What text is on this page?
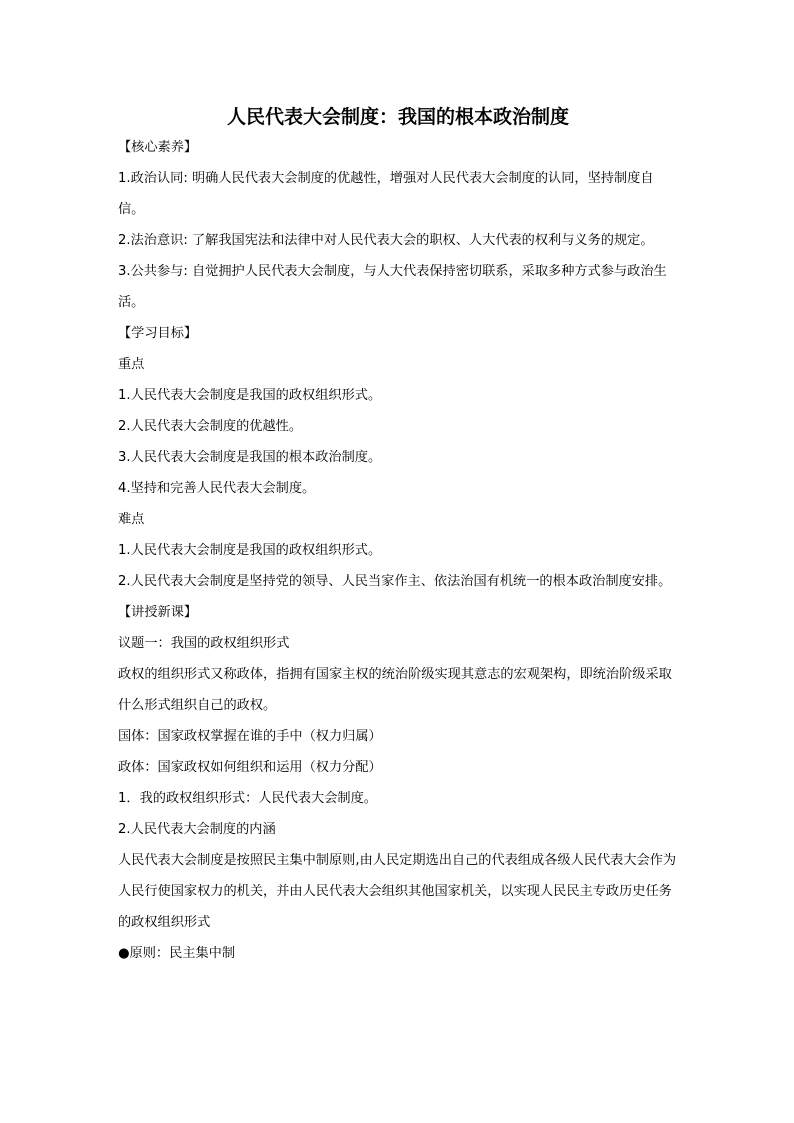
人民代表大会制度：我国的根本政治制度

【核心素养】

1.政治认同: 明确人民代表大会制度的优越性，增强对人民代表大会制度的认同，坚持制度自信。

2.法治意识: 了解我国宪法和法律中对人民代表大会的职权、人大代表的权利与义务的规定。

3.公共参与: 自觉拥护人民代表大会制度，与人大代表保持密切联系，采取多种方式参与政治生活。

【学习目标】

重点

1.人民代表大会制度是我国的政权组织形式。

2.人民代表大会制度的优越性。

3.人民代表大会制度是我国的根本政治制度。

4.坚持和完善人民代表大会制度。

难点

1.人民代表大会制度是我国的政权组织形式。

2.人民代表大会制度是坚持党的领导、人民当家作主、依法治国有机统一的根本政治制度安排。

【讲授新课】

议题一：我国的政权组织形式

政权的组织形式又称政体，指拥有国家主权的统治阶级实现其意志的宏观架构，即统治阶级采取什么形式组织自己的政权。

国体：国家政权掌握在谁的手中（权力归属）

政体：国家政权如何组织和运用（权力分配）

1．我的政权组织形式：人民代表大会制度。

2.人民代表大会制度的内涵

人民代表大会制度是按照民主集中制原则,由人民定期选出自己的代表组成各级人民代表大会作为人民行使国家权力的机关，并由人民代表大会组织其他国家机关，以实现人民民主专政历史任务的政权组织形式

●原则：民主集中制
